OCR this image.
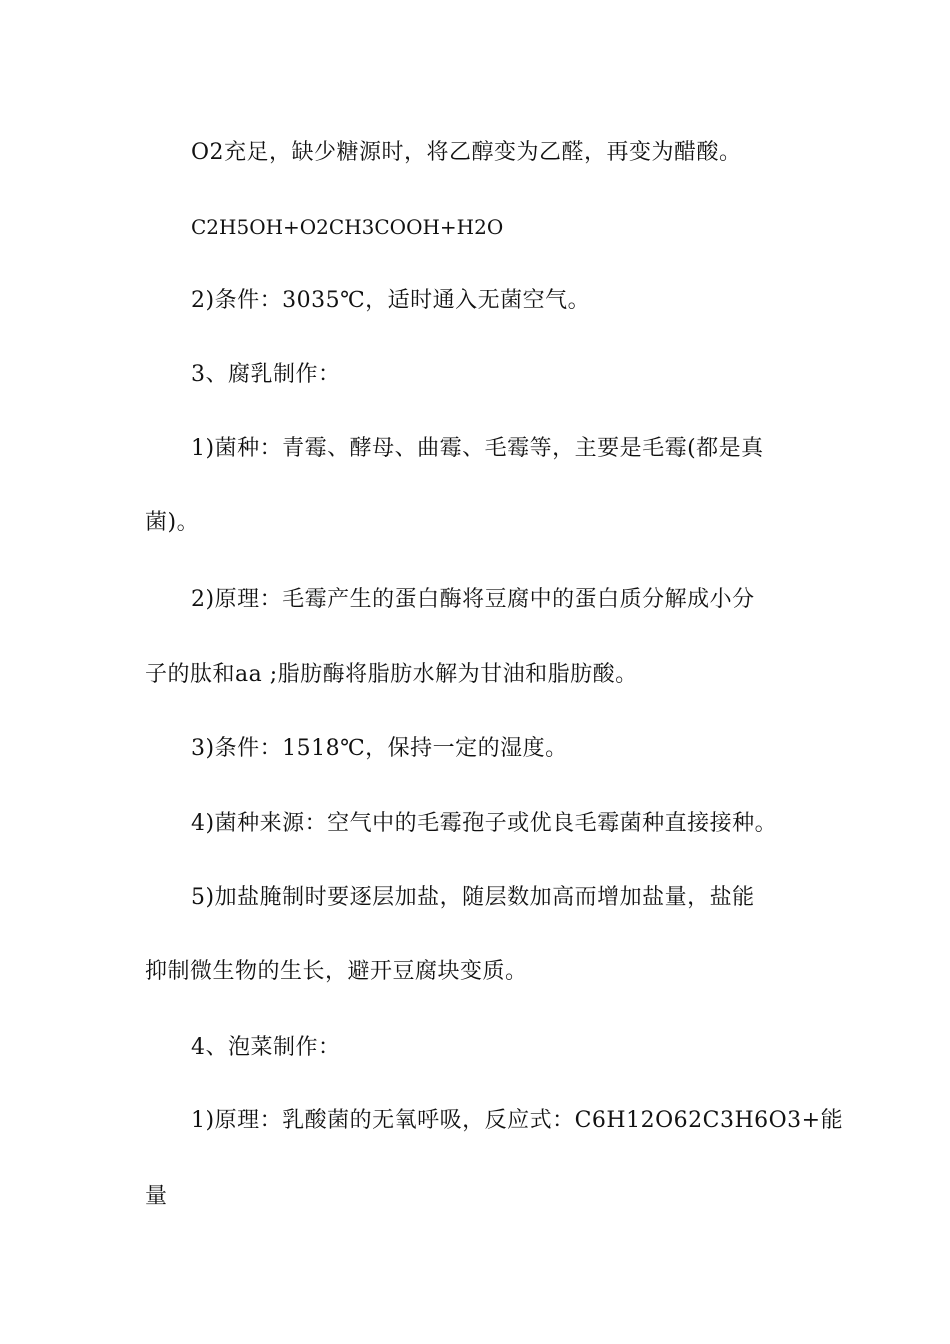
O2充足，缺少糖源时，将乙醇变为乙醛，再变为醋酸。
C2H5OH+O2CH3COOH+H2O
2)条件：3035℃，适时通入无菌空气。
3、腐乳制作：
1)菌种：青霉、酵母、曲霉、毛霉等，主要是毛霉(都是真
菌)。
2)原理：毛霉产生的蛋白酶将豆腐中的蛋白质分解成小分
子的肽和aa ;脂肪酶将脂肪水解为甘油和脂肪酸。
3)条件：1518℃，保持一定的湿度。
4)菌种来源：空气中的毛霉孢子或优良毛霉菌种直接接种。
5)加盐腌制时要逐层加盐，随层数加高而增加盐量，盐能
抑制微生物的生长，避开豆腐块变质。
4、泡菜制作：
1)原理：乳酸菌的无氧呼吸，反应式：C6H12O62C3H6O3+能
量
